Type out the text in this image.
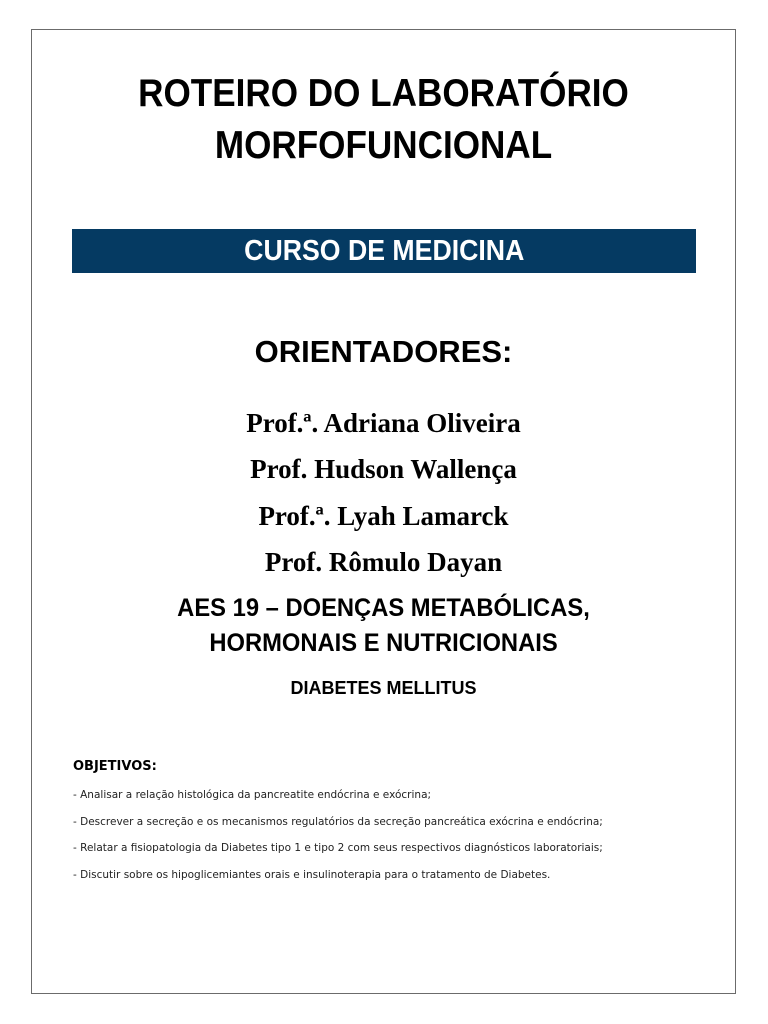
ROTEIRO DO LABORATÓRIO
MORFOFUNCIONAL
CURSO DE MEDICINA
ORIENTADORES:
Prof.ª. Adriana Oliveira
Prof. Hudson Wallença
Prof.ª. Lyah Lamarck
Prof. Rômulo Dayan
AES 19 – DOENÇAS METABÓLICAS,
HORMONAIS E NUTRICIONAIS
DIABETES MELLITUS
OBJETIVOS:
- Analisar a relação histológica da pancreatite endócrina e exócrina;
- Descrever a secreção e os mecanismos regulatórios da secreção pancreática exócrina e endócrina;
- Relatar a fisiopatologia da Diabetes tipo 1 e tipo 2 com seus respectivos diagnósticos laboratoriais;
- Discutir sobre os hipoglicemiantes orais e insulinoterapia para o tratamento de Diabetes.
